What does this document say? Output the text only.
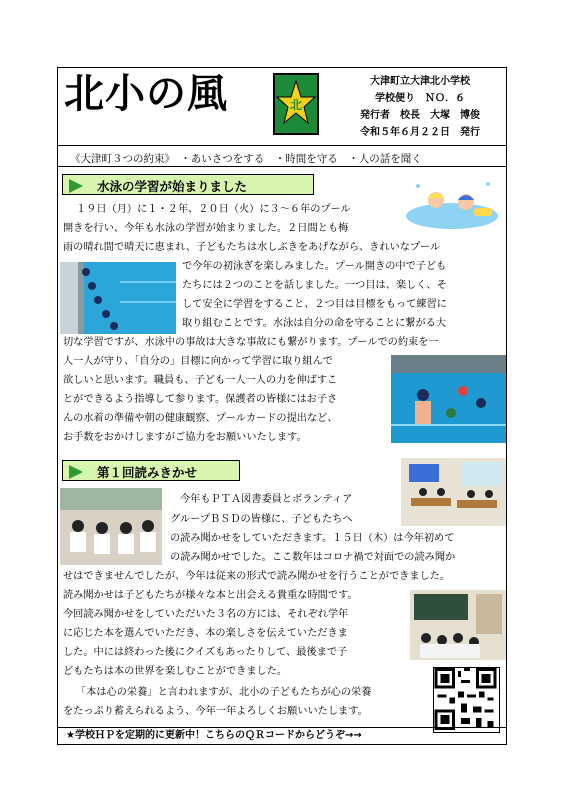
北小の風	北
大津町立大津北小学校
学校便り　ＮＯ．６
発行者　校長　大塚　博俊
令和５年６月２２日　発行
《大津町３つの約束》　・あいさつをする　・時間を守る　・人の話を聞く
水泳の学習が始まりました
１９日（月）に１・２年、２０日（火）に３～６年のプール
開きを行い、今年も水泳の学習が始まりました。２日間とも梅
雨の晴れ間で晴天に恵まれ、子どもたちは水しぶきをあげながら、きれいなプール
で今年の初泳ぎを楽しみました。プール開きの中で子ども
たちには２つのことを話しました。一つ目は、楽しく、そ
して安全に学習をすること、２つ目は目標をもって練習に
取り組むことです。水泳は自分の命を守ることに繋がる大
切な学習ですが、水泳中の事故は大きな事故にも繋がります。プールでの約束を一
人一人が守り、「自分の」目標に向かって学習に取り組んで
欲しいと思います。職員も、子ども一人一人の力を伸ばすこ
とができるよう指導して参ります。保護者の皆様にはお子さ
んの水着の準備や朝の健康観察、プールカードの提出など、
お手数をおかけしますがご協力をお願いいたします。
第１回読みきかせ
今年もＰＴＡ図書委員とボランティア
グループＢＳＤの皆様に、子どもたちへ
の読み聞かせをしていただきます。１５日（木）は今年初めて
の読み聞かせでした。ここ数年はコロナ禍で対面での読み聞か
せはできませんでしたが、今年は従来の形式で読み聞かせを行うことができました。
読み聞かせは子どもたちが様々な本と出会える貴重な時間です。
今回読み聞かせをしていただいた３名の方には、それぞれ学年
に応じた本を選んでいただき、本の楽しさを伝えていただきま
した。中には終わった後にクイズもあったりして、最後まで子
どもたちは本の世界を楽しむことができました。
「本は心の栄養」と言われますが、北小の子どもたちが心の栄養
をたっぷり蓄えられるよう、今年一年よろしくお願いいたします。
★学校ＨＰを定期的に更新中！こちらのＱＲコードからどうぞ→→
